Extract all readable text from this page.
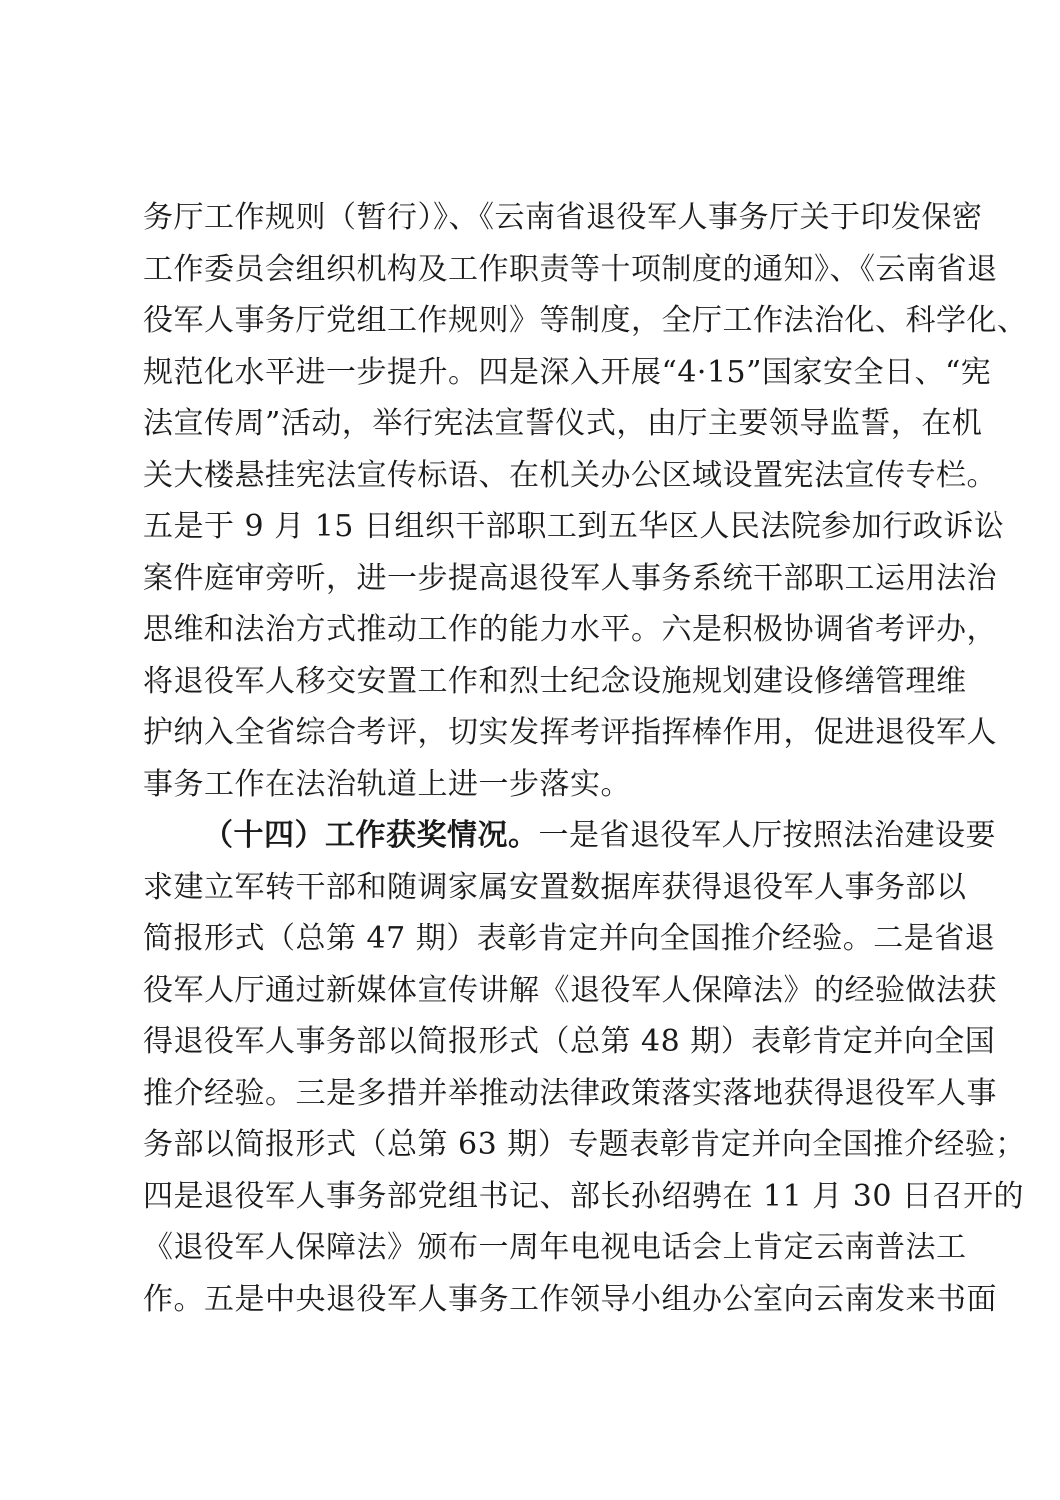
务厅工作规则（暂行）》、《云南省退役军人事务厅关于印发保密
工作委员会组织机构及工作职责等十项制度的通知》、《云南省退
役军人事务厅党组工作规则》等制度，全厅工作法治化、科学化、
规范化水平进一步提升。四是深入开展“4·15”国家安全日、“宪
法宣传周”活动，举行宪法宣誓仪式，由厅主要领导监誓，在机
关大楼悬挂宪法宣传标语、在机关办公区域设置宪法宣传专栏。
五是于 9 月 15 日组织干部职工到五华区人民法院参加行政诉讼
案件庭审旁听，进一步提高退役军人事务系统干部职工运用法治
思维和法治方式推动工作的能力水平。六是积极协调省考评办，
将退役军人移交安置工作和烈士纪念设施规划建设修缮管理维
护纳入全省综合考评，切实发挥考评指挥棒作用，促进退役军人
事务工作在法治轨道上进一步落实。
（十四）工作获奖情况。一是省退役军人厅按照法治建设要
求建立军转干部和随调家属安置数据库获得退役军人事务部以
简报形式（总第 47 期）表彰肯定并向全国推介经验。二是省退
役军人厅通过新媒体宣传讲解《退役军人保障法》的经验做法获
得退役军人事务部以简报形式（总第 48 期）表彰肯定并向全国
推介经验。三是多措并举推动法律政策落实落地获得退役军人事
务部以简报形式（总第 63 期）专题表彰肯定并向全国推介经验；
四是退役军人事务部党组书记、部长孙绍骋在 11 月 30 日召开的
《退役军人保障法》颁布一周年电视电话会上肯定云南普法工
作。五是中央退役军人事务工作领导小组办公室向云南发来书面
